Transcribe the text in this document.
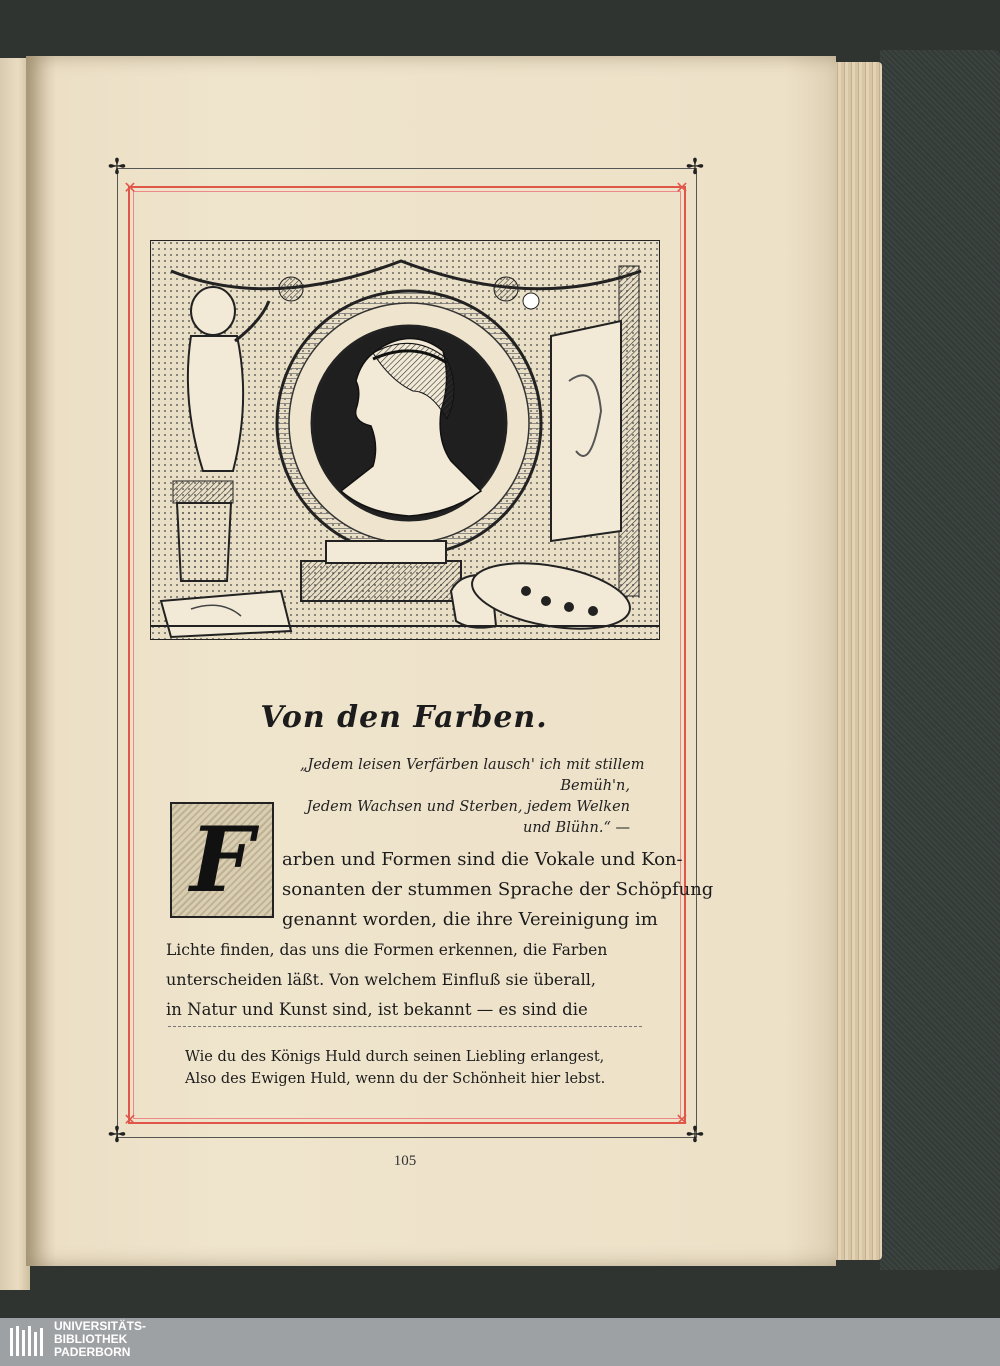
✢	✢
✢	✢
✕	✕
✕	✕
Von den Farben.
„Jedem leisen Verfärben lausch' ich mit stillem
Bemüh'n,
Jedem Wachsen und Sterben, jedem Welken
und Blühn.“ —
F	arben und Formen sind die Vokale und Kon-
sonanten der stummen Sprache der Schöpfung
genannt worden, die ihre Vereinigung im
Lichte finden, das uns die Formen erkennen, die Farben
unterscheiden läßt. Von welchem Einfluß sie überall,
in Natur und Kunst sind, ist bekannt — es sind die
Wie du des Königs Huld durch seinen Liebling erlangest,
Also des Ewigen Huld, wenn du der Schönheit hier lebst.
105
UNIVERSITÄTS-
BIBLIOTHEK
PADERBORN
